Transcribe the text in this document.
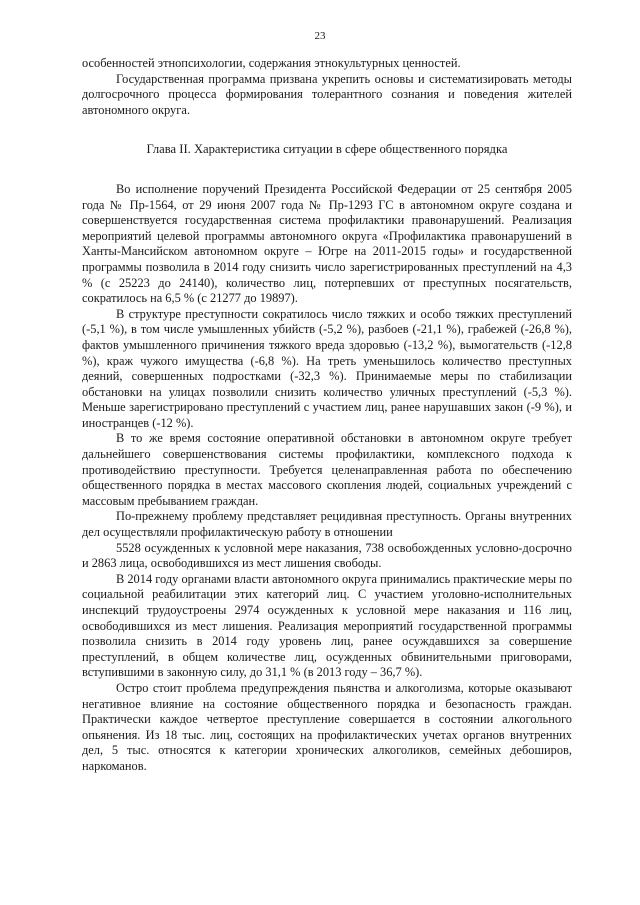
23

особенностей этнопсихологии, содержания этнокультурных ценностей.

Государственная программа призвана укрепить основы и систематизировать методы долгосрочного процесса формирования толерантного сознания и поведения жителей автономного округа.

Глава II. Характеристика ситуации в сфере общественного порядка

Во исполнение поручений Президента Российской Федерации от 25 сентября 2005 года № Пр-1564, от 29 июня 2007 года № Пр-1293 ГС в автономном округе создана и совершенствуется государственная система профилактики правонарушений. Реализация мероприятий целевой программы автономного округа «Профилактика правонарушений в Ханты-Мансийском автономном округе – Югре на 2011-2015 годы» и государственной программы позволила в 2014 году снизить число зарегистрированных преступлений на 4,3 % (с 25223 до 24140), количество лиц, потерпевших от преступных посягательств, сократилось на 6,5 % (с 21277 до 19897).

В структуре преступности сократилось число тяжких и особо тяжких преступлений (-5,1 %), в том числе умышленных убийств (-5,2 %), разбоев (-21,1 %), грабежей (-26,8 %), фактов умышленного причинения тяжкого вреда здоровью (-13,2 %), вымогательств (-12,8 %), краж чужого имущества (-6,8 %). На треть уменьшилось количество преступных деяний, совершенных подростками (-32,3 %). Принимаемые меры по стабилизации обстановки на улицах позволили снизить количество уличных преступлений (-5,3 %). Меньше зарегистрировано преступлений с участием лиц, ранее нарушавших закон (-9 %), и иностранцев (-12 %).

В то же время состояние оперативной обстановки в автономном округе требует дальнейшего совершенствования системы профилактики, комплексного подхода к противодействию преступности. Требуется целенаправленная работа по обеспечению общественного порядка в местах массового скопления людей, социальных учреждений с массовым пребыванием граждан.

По-прежнему проблему представляет рецидивная преступность. Органы внутренних дел осуществляли профилактическую работу в отношении

5528 осужденных к условной мере наказания, 738 освобожденных условно-досрочно и 2863 лица, освободившихся из мест лишения свободы.

В 2014 году органами власти автономного округа принимались практические меры по социальной реабилитации этих категорий лиц. С участием уголовно-исполнительных инспекций трудоустроены 2974 осужденных к условной мере наказания и 116 лиц, освободившихся из мест лишения. Реализация мероприятий государственной программы позволила снизить в 2014 году уровень лиц, ранее осуждавшихся за совершение преступлений, в общем количестве лиц, осужденных обвинительными приговорами, вступившими в законную силу, до 31,1 % (в 2013 году – 36,7 %).

Остро стоит проблема предупреждения пьянства и алкоголизма, которые оказывают негативное влияние на состояние общественного порядка и безопасность граждан. Практически каждое четвертое преступление совершается в состоянии алкогольного опьянения. Из 18 тыс. лиц, состоящих на профилактических учетах органов внутренних дел, 5 тыс. относятся к категории хронических алкоголиков, семейных дебоширов, наркоманов.
